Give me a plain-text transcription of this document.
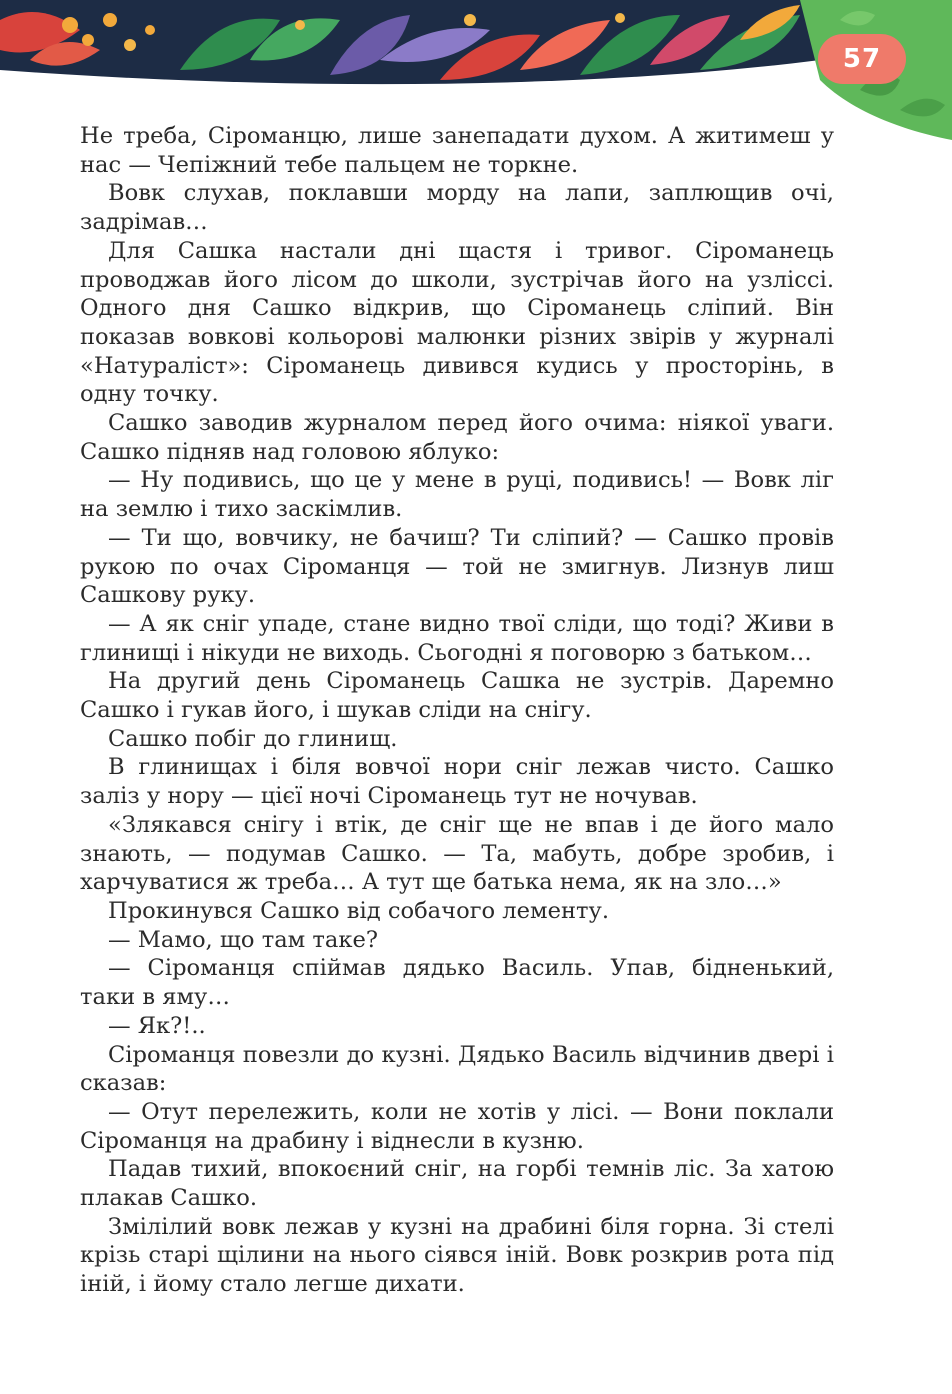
57

Не треба, Сіроманцю, лише занепадати духом. А житимеш у нас — Чепіжний тебе пальцем не торкне.

Вовк слухав, поклавши морду на лапи, заплющив очі, задрімав…

Для Сашка настали дні щастя і тривог. Сіроманець проводжав його лісом до школи, зустрічав його на узліссі. Одного дня Сашко відкрив, що Сіроманець сліпий. Він показав вовкові кольорові малюнки різних звірів у журналі «Натураліст»: Сіроманець дивився кудись у просторінь, в одну точку.

Сашко заводив журналом перед його очима: ніякої уваги. Сашко підняв над головою яблуко:

— Ну подивись, що це у мене в руці, подивись! — Вовк ліг на землю і тихо заскімлив.

— Ти що, вовчику, не бачиш? Ти сліпий? — Сашко провів рукою по очах Сіроманця — той не змигнув. Лизнув лиш Сашкову руку.

— А як сніг упаде, стане видно твої сліди, що тоді? Живи в глинищі і нікуди не виходь. Сьогодні я поговорю з батьком…

На другий день Сіроманець Сашка не зустрів. Даремно Сашко і гукав його, і шукав сліди на снігу.

Сашко побіг до глинищ.

В глинищах і біля вовчої нори сніг лежав чисто. Сашко заліз у нору — цієї ночі Сіроманець тут не ночував.

«Злякався снігу і втік, де сніг ще не впав і де його мало знають, — подумав Сашко. — Та, мабуть, добре зробив, і харчуватися ж треба… А тут ще батька нема, як на зло…»

Прокинувся Сашко від собачого лементу.

— Мамо, що там таке?

— Сіроманця спіймав дядько Василь. Упав, бідненький, таки в яму…

— Як?!..

Сіроманця повезли до кузні. Дядько Василь відчинив двері і сказав:

— Отут перележить, коли не хотів у лісі. — Вони поклали Сіроманця на драбину і віднесли в кузню.

Падав тихий, впокоєний сніг, на горбі темнів ліс. За хатою плакав Сашко.

Змілілий вовк лежав у кузні на драбині біля горна. Зі стелі крізь старі щілини на нього сіявся іній. Вовк розкрив рота під іній, і йому стало легше дихати.
